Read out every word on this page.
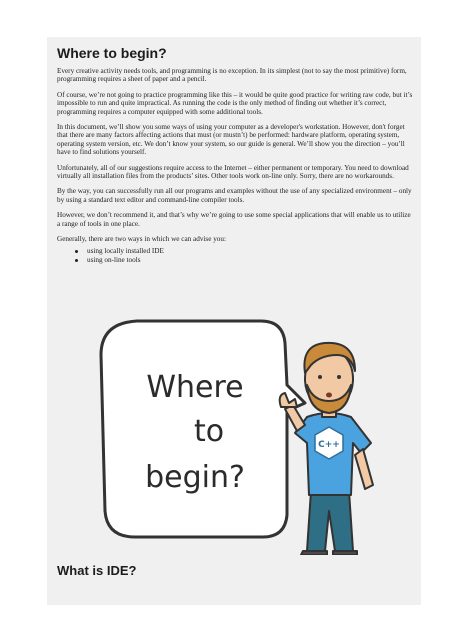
Where to begin?

Every creative activity needs tools, and programming is no exception. In its simplest (not to say the most primitive) form, programming requires a sheet of paper and a pencil.

Of course, we’re not going to practice programming like this – it would be quite good practice for writing raw code, but it’s impossible to run and quite impractical. As running the code is the only method of finding out whether it’s correct, programming requires a computer equipped with some additional tools.

In this document, we’ll show you some ways of using your computer as a developer's workstation. However, don't forget that there are many factors affecting actions that must (or mustn’t) be performed: hardware platform, operating system, operating system version, etc. We don’t know your system, so our guide is general. We’ll show you the direction – you’ll have to find solutions yourself.

Unfortunately, all of our suggestions require access to the Internet – either permanent or temporary. You need to download virtually all installation files from the products’ sites. Other tools work on-line only. Sorry, there are no workarounds.

By the way, you can successfully run all our programs and examples without the use of any specialized environment – only by using a standard text editor and command-line compiler tools.

However, we don’t recommend it, and that’s why we’re going to use some special applications that will enable us to utilize a range of tools in one place.

Generally, there are two ways in which we can advise you:

using locally installed IDE
using on-line tools
Where
to
begin?
C++
What is IDE?
